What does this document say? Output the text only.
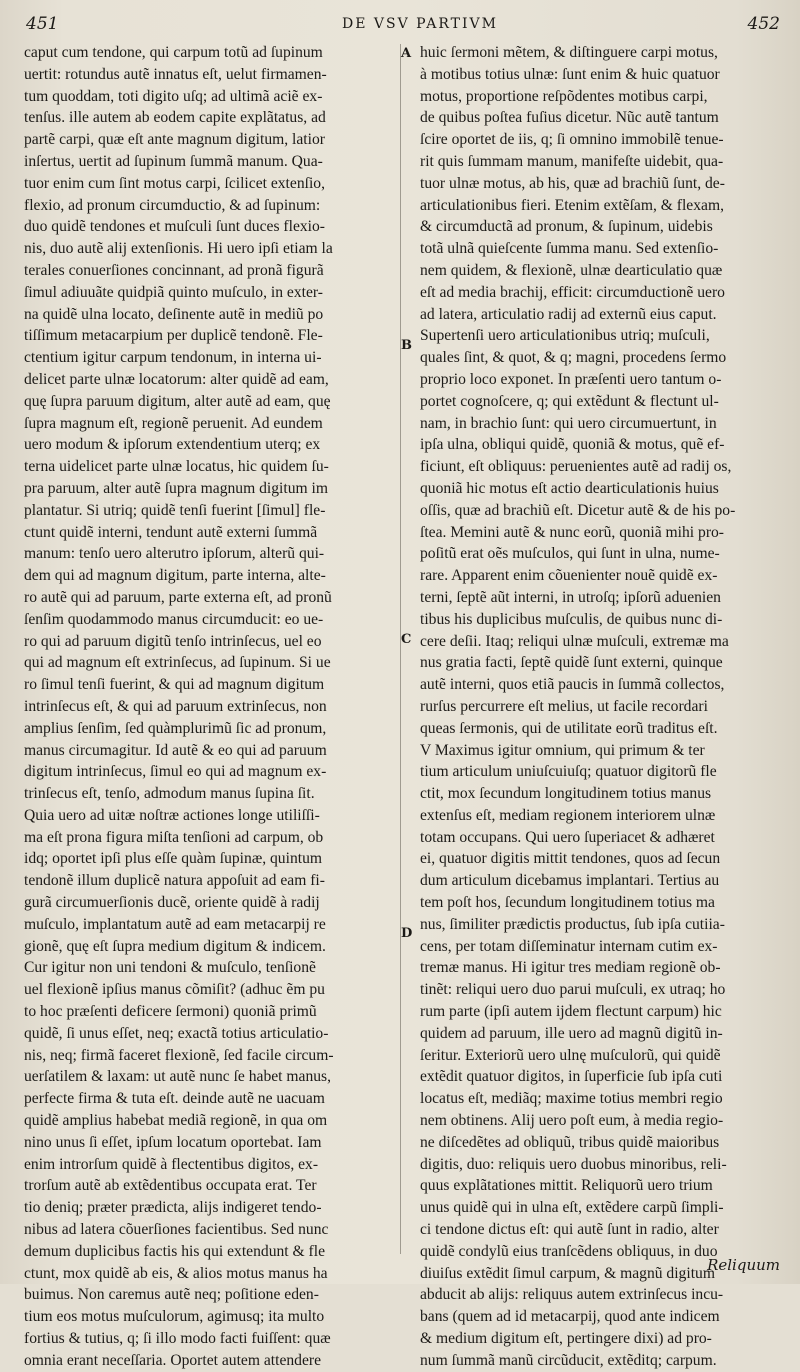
451	DE VSV PARTIVM	452
A
B
C
D
caput cum tendone, qui carpum totũ ad ſupinum
uertit: rotundus autẽ innatus eſt, uelut firmamen-
tum quoddam, toti digito uſq; ad ultimã aciẽ ex-
tenſus. ille autem ab eodem capite explãtatus, ad
partẽ carpi, quæ eſt ante magnum digitum, latior
inſertus, uertit ad ſupinum ſummã manum. Qua-
tuor enim cum ſint motus carpi, ſcilicet extenſio,
flexio, ad pronum circumductio, & ad ſupinum:
duo quidẽ tendones et muſculi ſunt duces flexio-
nis, duo autẽ alij extenſionis. Hi uero ipſi etiam la
terales conuerſiones concinnant, ad pronã figurã
ſimul adiuuãte quidpiã quinto muſculo, in exter-
na quidẽ ulna locato, deſinente autẽ in mediũ po
tiſſimum metacarpium per duplicẽ tendonẽ. Fle-
ctentium igitur carpum tendonum, in interna ui-
delicet parte ulnæ locatorum: alter quidẽ ad eam,
quę ſupra paruum digitum, alter autẽ ad eam, quę
ſupra magnum eſt, regionẽ peruenit. Ad eundem
uero modum & ipſorum extendentium uterq; ex
terna uidelicet parte ulnæ locatus, hic quidem ſu-
pra paruum, alter autẽ ſupra magnum digitum im
plantatur. Si utriq; quidẽ tenſi fuerint [ſimul] fle-
ctunt quidẽ interni, tendunt autẽ externi ſummã
manum: tenſo uero alterutro ipſorum, alterũ qui-
dem qui ad magnum digitum, parte interna, alte-
ro autẽ qui ad paruum, parte externa eſt, ad pronũ
ſenſim quodammodo manus circumducit: eo ue-
ro qui ad paruum digitũ tenſo intrinſecus, uel eo
qui ad magnum eſt extrinſecus, ad ſupinum. Si ue
ro ſimul tenſi fuerint, & qui ad magnum digitum
intrinſecus eſt, & qui ad paruum extrinſecus, non
amplius ſenſim, ſed quàmplurimũ ſic ad pronum,
manus circumagitur. Id autẽ & eo qui ad paruum
digitum intrinſecus, ſimul eo qui ad magnum ex-
trinſecus eſt, tenſo, admodum manus ſupina ſit.
Quia uero ad uitæ noſtræ actiones longe utiliſſi-
ma eſt prona figura miſta tenſioni ad carpum, ob
idq; oportet ipſi plus eſſe quàm ſupinæ, quintum
tendonẽ illum duplicẽ natura appoſuit ad eam fi-
gurã circumuerſionis ducẽ, oriente quidẽ à radij
muſculo, implantatum autẽ ad eam metacarpij re
gionẽ, quę eſt ſupra medium digitum & indicem.
Cur igitur non uni tendoni & muſculo, tenſionẽ
uel flexionẽ ipſius manus cõmiſit? (adhuc ẽm pu
to hoc præſenti deficere ſermoni) quoniã primũ
quidẽ, ſi unus eſſet, neq; exactã totius articulatio-
nis, neq; firmã faceret flexionẽ, ſed facile circum-
uerſatilem & laxam: ut autẽ nunc ſe habet manus,
perfecte firma & tuta eſt. deinde autẽ ne uacuam
quidẽ amplius habebat mediã regionẽ, in qua om
nino unus ſi eſſet, ipſum locatum oportebat. Iam
enim introrſum quidẽ à flectentibus digitos, ex-
trorſum autẽ ab extẽdentibus occupata erat. Ter
tio deniq; præter prædicta, alijs indigeret tendo-
nibus ad latera cõuerſiones facientibus. Sed nunc
demum duplicibus factis his qui extendunt & fle
ctunt, mox quidẽ ab eis, & alios motus manus ha
buimus. Non caremus autẽ neq; poſitione eden-
tium eos motus muſculorum, agimusq; ita multo
fortius & tutius, q; ſi illo modo facti fuiſſent: quæ
omnia erant neceſſaria. Oportet autem attendere
huic ſermoni mẽtem, & diſtinguere carpi motus,
à motibus totius ulnæ: ſunt enim & huic quatuor
motus, proportione reſpõdentes motibus carpi,
de quibus poſtea fuſius dicetur. Nũc autẽ tantum
ſcire oportet de iis, q; ſi omnino immobilẽ tenue-
rit quis ſummam manum, manifeſte uidebit, qua-
tuor ulnæ motus, ab his, quæ ad brachiũ ſunt, de-
articulationibus fieri. Etenim extẽſam, & flexam,
& circumductã ad pronum, & ſupinum, uidebis
totã ulnã quieſcente ſumma manu. Sed extenſio-
nem quidem, & flexionẽ, ulnæ dearticulatio quæ
eſt ad media brachij, efficit: circumductionẽ uero
ad latera, articulatio radij ad externũ eius caput.
Supertenſi uero articulationibus utriq; muſculi,
quales ſint, & quot, & q; magni, procedens ſermo
proprio loco exponet. In præſenti uero tantum o-
portet cognoſcere, q; qui extẽdunt & flectunt ul-
nam, in brachio ſunt: qui uero circumuertunt, in
ipſa ulna, obliqui quidẽ, quoniã & motus, quẽ ef-
ficiunt, eſt obliquus: peruenientes autẽ ad radij os,
quoniã hic motus eſt actio dearticulationis huius
oſſis, quæ ad brachiũ eſt. Dicetur autẽ & de his po-
ſtea. Memini autẽ & nunc eorũ, quoniã mihi pro-
poſitũ erat oẽs muſculos, qui ſunt in ulna, nume-
rare. Apparent enim cõuenienter nouẽ quidẽ ex-
terni, ſeptẽ aũt interni, in utroſq; ipſorũ aduenien
tibus his duplicibus muſculis, de quibus nunc di-
cere deſii. Itaq; reliqui ulnæ muſculi, extremæ ma
nus gratia facti, ſeptẽ quidẽ ſunt externi, quinque
autẽ interni, quos etiã paucis in ſummã collectos,
rurſus percurrere eſt melius, ut facile recordari
queas ſermonis, qui de utilitate eorũ traditus eſt.
V Maximus igitur omnium, qui primum & ter
tium articulum uniuſcuiuſq; quatuor digitorũ fle
ctit, mox ſecundum longitudinem totius manus
extenſus eſt, mediam regionem interiorem ulnæ
totam occupans. Qui uero ſuperiacet & adhæret
ei, quatuor digitis mittit tendones, quos ad ſecun
dum articulum dicebamus implantari. Tertius au
tem poſt hos, ſecundum longitudinem totius ma
nus, ſimiliter prædictis productus, ſub ipſa cutiia-
cens, per totam diſſeminatur internam cutim ex-
tremæ manus. Hi igitur tres mediam regionẽ ob-
tinẽt: reliqui uero duo parui muſculi, ex utraq; ho
rum parte (ipſi autem ijdem flectunt carpum) hic
quidem ad paruum, ille uero ad magnũ digitũ in-
ſeritur. Exteriorũ uero ulnę muſculorũ, qui quidẽ
extẽdit quatuor digitos, in ſuperficie ſub ipſa cuti
locatus eſt, mediãq; maxime totius membri regio
nem obtinens. Alij uero poſt eum, à media regio-
ne diſcedẽtes ad obliquũ, tribus quidẽ maioribus
digitis, duo: reliquis uero duobus minoribus, reli-
quus explãtationes mittit. Reliquorũ uero trium
unus quidẽ qui in ulna eſt, extẽdere carpũ ſimpli-
ci tendone dictus eſt: qui autẽ ſunt in radio, alter
quidẽ condylũ eius tranſcẽdens obliquus, in duo
diuiſus extẽdit ſimul carpum, & magnũ digitum
abducit ab alijs: reliquus autem extrinſecus incu-
bans (quem ad id metacarpij, quod ante indicem
& medium digitum eſt, pertingere dixi) ad pro-
num ſummã manũ circũducit, extẽditq; carpum.
Reliquum
